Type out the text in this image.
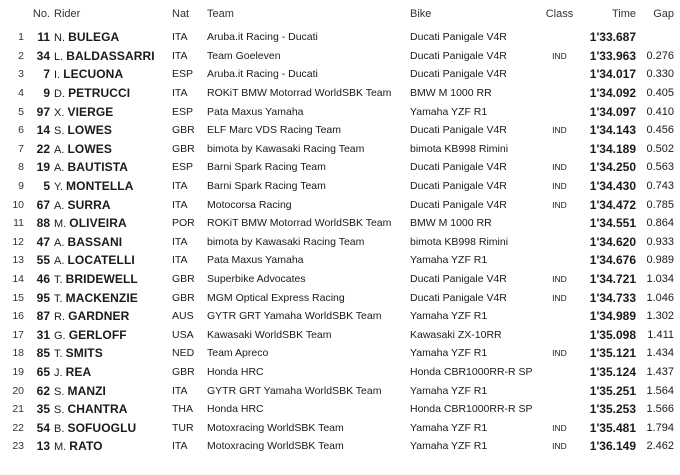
	No.	Rider	Nat	Team	Bike	Class	Time	Gap
1	11	N. BULEGA	ITA	Aruba.it Racing - Ducati	Ducati Panigale V4R		1'33.687	
2	34	L. BALDASSARRI	ITA	Team Goeleven	Ducati Panigale V4R	IND	1'33.963	0.276
3	7	I. LECUONA	ESP	Aruba.it Racing - Ducati	Ducati Panigale V4R		1'34.017	0.330
4	9	D. PETRUCCI	ITA	ROKiT BMW Motorrad WorldSBK Team	BMW M 1000 RR		1'34.092	0.405
5	97	X. VIERGE	ESP	Pata Maxus Yamaha	Yamaha YZF R1		1'34.097	0.410
6	14	S. LOWES	GBR	ELF Marc VDS Racing Team	Ducati Panigale V4R	IND	1'34.143	0.456
7	22	A. LOWES	GBR	bimota by Kawasaki Racing Team	bimota KB998 Rimini		1'34.189	0.502
8	19	A. BAUTISTA	ESP	Barni Spark Racing Team	Ducati Panigale V4R	IND	1'34.250	0.563
9	5	Y. MONTELLA	ITA	Barni Spark Racing Team	Ducati Panigale V4R	IND	1'34.430	0.743
10	67	A. SURRA	ITA	Motocorsa Racing	Ducati Panigale V4R	IND	1'34.472	0.785
11	88	M. OLIVEIRA	POR	ROKiT BMW Motorrad WorldSBK Team	BMW M 1000 RR		1'34.551	0.864
12	47	A. BASSANI	ITA	bimota by Kawasaki Racing Team	bimota KB998 Rimini		1'34.620	0.933
13	55	A. LOCATELLI	ITA	Pata Maxus Yamaha	Yamaha YZF R1		1'34.676	0.989
14	46	T. BRIDEWELL	GBR	Superbike Advocates	Ducati Panigale V4R	IND	1'34.721	1.034
15	95	T. MACKENZIE	GBR	MGM Optical Express Racing	Ducati Panigale V4R	IND	1'34.733	1.046
16	87	R. GARDNER	AUS	GYTR GRT Yamaha WorldSBK Team	Yamaha YZF R1		1'34.989	1.302
17	31	G. GERLOFF	USA	Kawasaki WorldSBK Team	Kawasaki ZX-10RR		1'35.098	1.411
18	85	T. SMITS	NED	Team Apreco	Yamaha YZF R1	IND	1'35.121	1.434
19	65	J. REA	GBR	Honda HRC	Honda CBR1000RR-R SP		1'35.124	1.437
20	62	S. MANZI	ITA	GYTR GRT Yamaha WorldSBK Team	Yamaha YZF R1		1'35.251	1.564
21	35	S. CHANTRA	THA	Honda HRC	Honda CBR1000RR-R SP		1'35.253	1.566
22	54	B. SOFUOGLU	TUR	Motoxracing WorldSBK Team	Yamaha YZF R1	IND	1'35.481	1.794
23	13	M. RATO	ITA	Motoxracing WorldSBK Team	Yamaha YZF R1	IND	1'36.149	2.462
